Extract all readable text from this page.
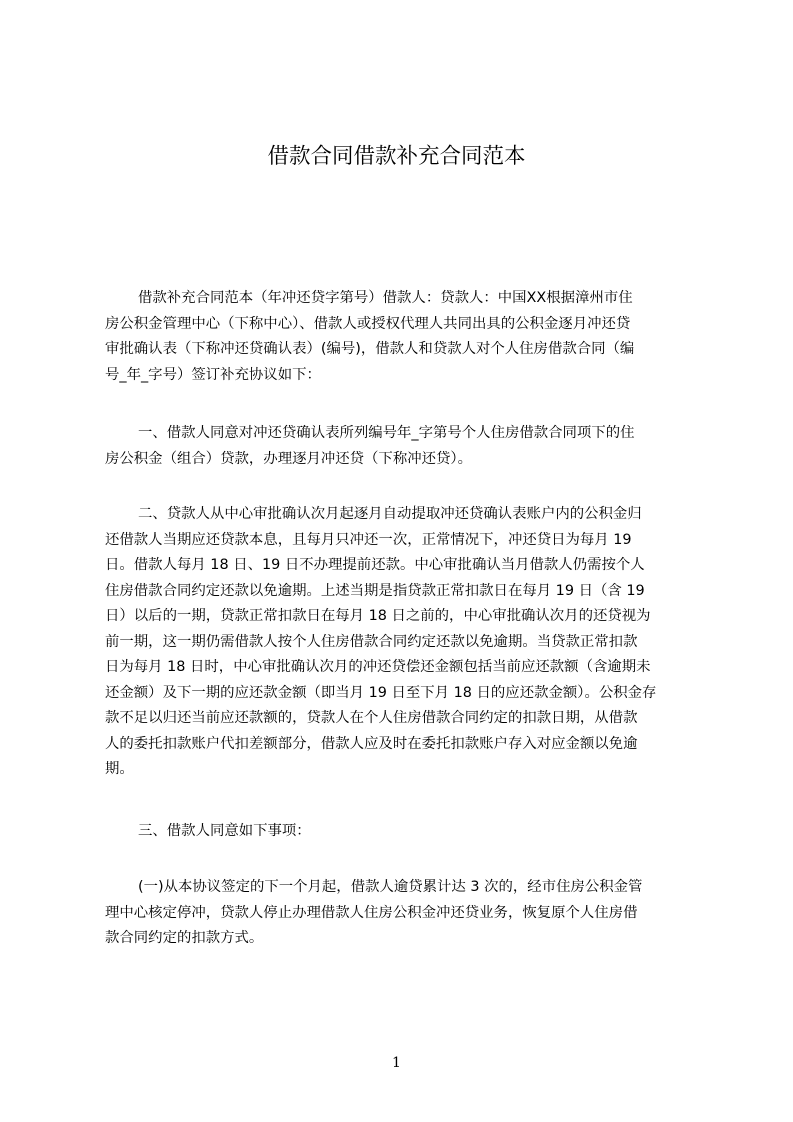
借款合同借款补充合同范本

借款补充合同范本（年冲还贷字第号）借款人：贷款人：中国XX根据漳州市住
房公积金管理中心（下称中心）、借款人或授权代理人共同出具的公积金逐月冲还贷
审批确认表（下称冲还贷确认表）(编号)，借款人和贷款人对个人住房借款合同（编
号_年_字号）签订补充协议如下：

一、借款人同意对冲还贷确认表所列编号年_字第号个人住房借款合同项下的住
房公积金（组合）贷款，办理逐月冲还贷（下称冲还贷）。

二、贷款人从中心审批确认次月起逐月自动提取冲还贷确认表账户内的公积金归
还借款人当期应还贷款本息，且每月只冲还一次，正常情况下，冲还贷日为每月 19
日。借款人每月 18 日、19 日不办理提前还款。中心审批确认当月借款人仍需按个人
住房借款合同约定还款以免逾期。上述当期是指贷款正常扣款日在每月 19 日（含 19
日）以后的一期，贷款正常扣款日在每月 18 日之前的，中心审批确认次月的还贷视为
前一期，这一期仍需借款人按个人住房借款合同约定还款以免逾期。当贷款正常扣款
日为每月 18 日时，中心审批确认次月的冲还贷偿还金额包括当前应还款额（含逾期未
还金额）及下一期的应还款金额（即当月 19 日至下月 18 日的应还款金额）。公积金存
款不足以归还当前应还款额的，贷款人在个人住房借款合同约定的扣款日期，从借款
人的委托扣款账户代扣差额部分，借款人应及时在委托扣款账户存入对应金额以免逾
期。

三、借款人同意如下事项：

(一)从本协议签定的下一个月起，借款人逾贷累计达 3 次的，经市住房公积金管
理中心核定停冲，贷款人停止办理借款人住房公积金冲还贷业务，恢复原个人住房借
款合同约定的扣款方式。

1
